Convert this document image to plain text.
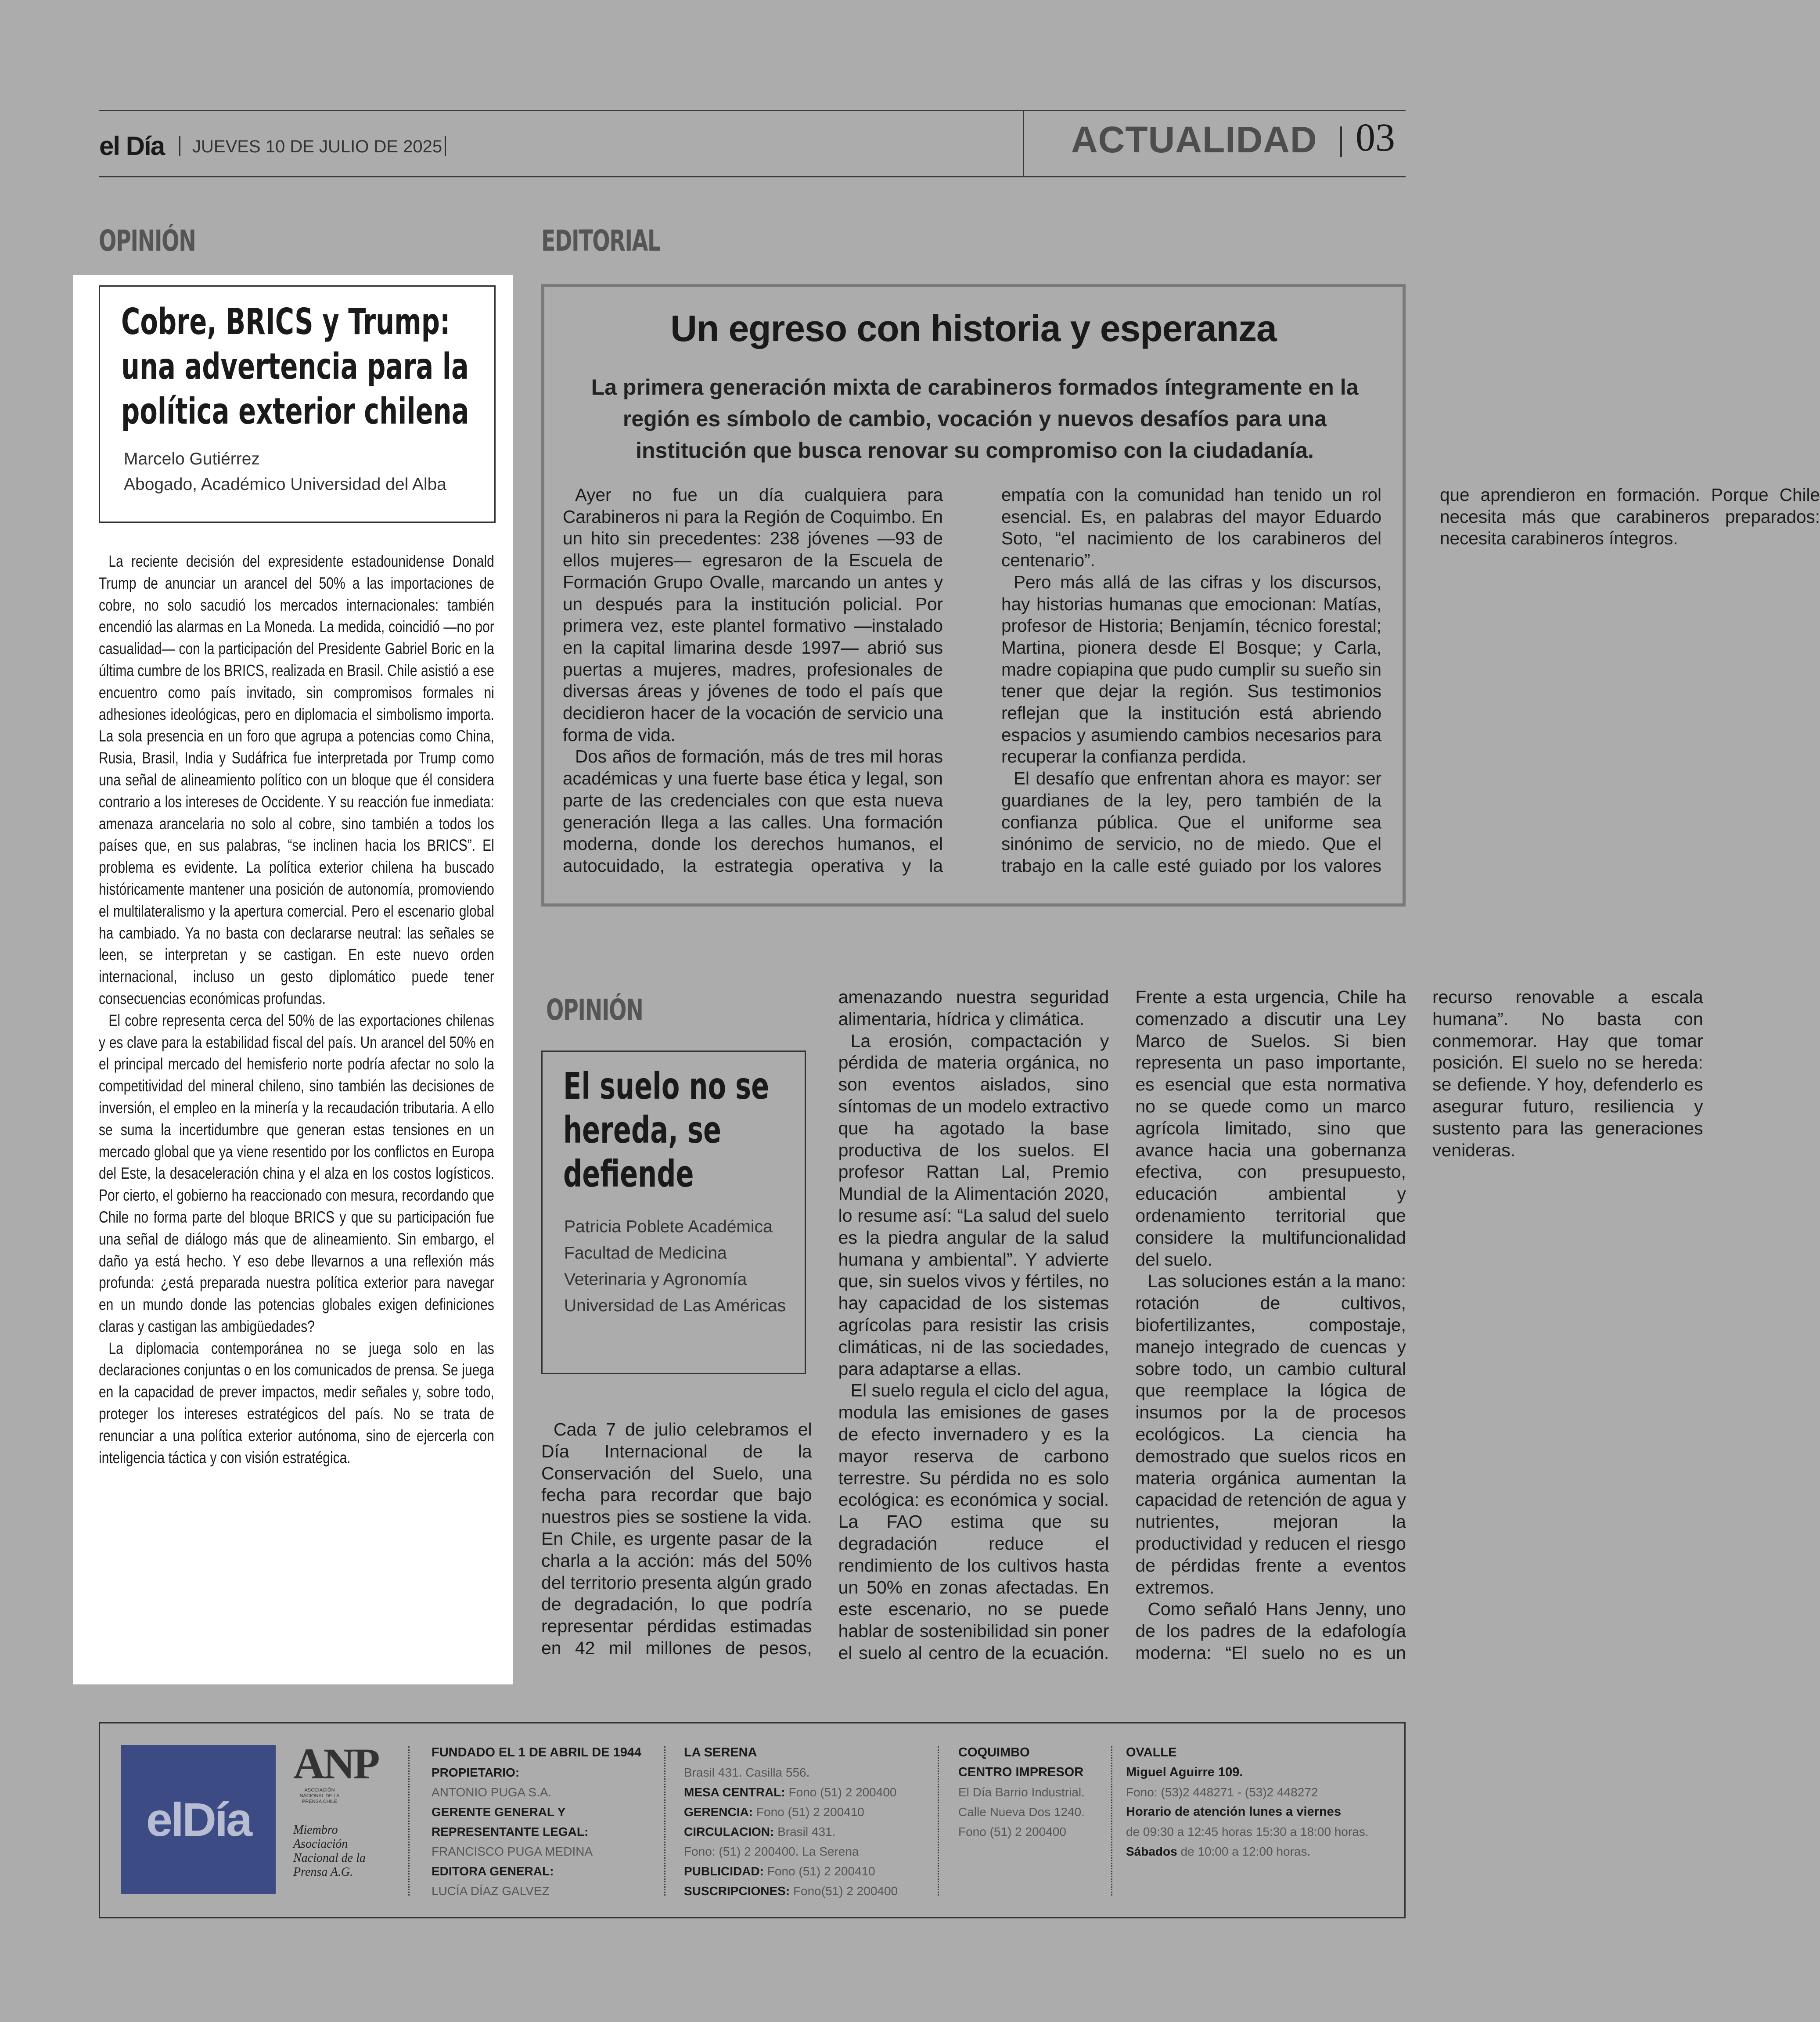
el Día JUEVES 10 DE JULIO DE 2025	ACTUALIDAD 03
OPINIÓN
Cobre, BRICS y Trump: una advertencia para la política exterior chilena
Marcelo Gutiérrez
Abogado, Académico Universidad del Alba

La reciente decisión del expresidente estadounidense Donald Trump de anunciar un arancel del 50% a las importaciones de cobre, no solo sacudió los mercados internacionales: también encendió las alarmas en La Moneda. La medida, coincidió —no por casualidad— con la participación del Presidente Gabriel Boric en la última cumbre de los BRICS, realizada en Brasil. Chile asistió a ese encuentro como país invitado, sin compromisos formales ni adhesiones ideológicas, pero en diplomacia el simbolismo importa. La sola presencia en un foro que agrupa a potencias como China, Rusia, Brasil, India y Sudáfrica fue interpretada por Trump como una señal de alineamiento político con un bloque que él considera contrario a los intereses de Occidente. Y su reacción fue inmediata: amenaza arancelaria no solo al cobre, sino también a todos los países que, en sus palabras, “se inclinen hacia los BRICS”. El problema es evidente. La política exterior chilena ha buscado históricamente mantener una posición de autonomía, promoviendo el multilateralismo y la apertura comercial. Pero el escenario global ha cambiado. Ya no basta con declararse neutral: las señales se leen, se interpretan y se castigan. En este nuevo orden internacional, incluso un gesto diplomático puede tener consecuencias económicas profundas.

El cobre representa cerca del 50% de las exportaciones chilenas y es clave para la estabilidad fiscal del país. Un arancel del 50% en el principal mercado del hemisferio norte podría afectar no solo la competitividad del mineral chileno, sino también las decisiones de inversión, el empleo en la minería y la recaudación tributaria. A ello se suma la incertidumbre que generan estas tensiones en un mercado global que ya viene resentido por los conflictos en Europa del Este, la desaceleración china y el alza en los costos logísticos. Por cierto, el gobierno ha reaccionado con mesura, recordando que Chile no forma parte del bloque BRICS y que su participación fue una señal de diálogo más que de alineamiento. Sin embargo, el daño ya está hecho. Y eso debe llevarnos a una reflexión más profunda: ¿está preparada nuestra política exterior para navegar en un mundo donde las potencias globales exigen definiciones claras y castigan las ambigüedades?

La diplomacia contemporánea no se juega solo en las declaraciones conjuntas o en los comunicados de prensa. Se juega en la capacidad de prever impactos, medir señales y, sobre todo, proteger los intereses estratégicos del país. No se trata de renunciar a una política exterior autónoma, sino de ejercerla con inteligencia táctica y con visión estratégica.

EDITORIAL
Un egreso con historia y esperanza
La primera generación mixta de carabineros formados íntegramente en la región es símbolo de cambio, vocación y nuevos desafíos para una institución que busca renovar su compromiso con la ciudadanía.

Ayer no fue un día cualquiera para Carabineros ni para la Región de Coquimbo. En un hito sin precedentes: 238 jóvenes —93 de ellos mujeres— egresaron de la Escuela de Formación Grupo Ovalle, marcando un antes y un después para la institución policial. Por primera vez, este plantel formativo —instalado en la capital limarina desde 1997— abrió sus puertas a mujeres, madres, profesionales de diversas áreas y jóvenes de todo el país que decidieron hacer de la vocación de servicio una forma de vida.

Dos años de formación, más de tres mil horas académicas y una fuerte base ética y legal, son parte de las credenciales con que esta nueva generación llega a las calles. Una formación moderna, donde los derechos humanos, el autocuidado, la estrategia operativa y la empatía con la comunidad han tenido un rol esencial. Es, en palabras del mayor Eduardo Soto, “el nacimiento de los carabineros del centenario”.

Pero más allá de las cifras y los discursos, hay historias humanas que emocionan: Matías, profesor de Historia; Benjamín, técnico forestal; Martina, pionera desde El Bosque; y Carla, madre copiapina que pudo cumplir su sueño sin tener que dejar la región. Sus testimonios reflejan que la institución está abriendo espacios y asumiendo cambios necesarios para recuperar la confianza perdida.

El desafío que enfrentan ahora es mayor: ser guardianes de la ley, pero también de la confianza pública. Que el uniforme sea sinónimo de servicio, no de miedo. Que el trabajo en la calle esté guiado por los valores que aprendieron en formación. Porque Chile necesita más que carabineros preparados: necesita carabineros íntegros.

OPINIÓN
El suelo no se hereda, se defiende
Patricia Poblete Académica Facultad de Medicina Veterinaria y Agronomía Universidad de Las Américas

Cada 7 de julio celebramos el Día Internacional de la Conservación del Suelo, una fecha para recordar que bajo nuestros pies se sostiene la vida. En Chile, es urgente pasar de la charla a la acción: más del 50% del territorio presenta algún grado de degradación, lo que podría representar pérdidas estimadas en 42 mil millones de pesos, amenazando nuestra seguridad alimentaria, hídrica y climática.

La erosión, compactación y pérdida de materia orgánica, no son eventos aislados, sino síntomas de un modelo extractivo que ha agotado la base productiva de los suelos. El profesor Rattan Lal, Premio Mundial de la Alimentación 2020, lo resume así: “La salud del suelo es la piedra angular de la salud humana y ambiental”. Y advierte que, sin suelos vivos y fértiles, no hay capacidad de los sistemas agrícolas para resistir las crisis climáticas, ni de las sociedades, para adaptarse a ellas.

El suelo regula el ciclo del agua, modula las emisiones de gases de efecto invernadero y es la mayor reserva de carbono terrestre. Su pérdida no es solo ecológica: es económica y social. La FAO estima que su degradación reduce el rendimiento de los cultivos hasta un 50% en zonas afectadas. En este escenario, no se puede hablar de sostenibilidad sin poner el suelo al centro de la ecuación. Frente a esta urgencia, Chile ha comenzado a discutir una Ley Marco de Suelos. Si bien representa un paso importante, es esencial que esta normativa no se quede como un marco agrícola limitado, sino que avance hacia una gobernanza efectiva, con presupuesto, educación ambiental y ordenamiento territorial que considere la multifuncionalidad del suelo.

Las soluciones están a la mano: rotación de cultivos, biofertilizantes, compostaje, manejo integrado de cuencas y sobre todo, un cambio cultural que reemplace la lógica de insumos por la de procesos ecológicos. La ciencia ha demostrado que suelos ricos en materia orgánica aumentan la capacidad de retención de agua y nutrientes, mejoran la productividad y reducen el riesgo de pérdidas frente a eventos extremos.

Como señaló Hans Jenny, uno de los padres de la edafología moderna: “El suelo no es un recurso renovable a escala humana”. No basta con conmemorar. Hay que tomar posición. El suelo no se hereda: se defiende. Y hoy, defenderlo es asegurar futuro, resiliencia y sustento para las generaciones venideras.

elDía
ANP
ASOCIACIÓN NACIONAL DE LA PRENSA CHILE
Miembro Asociación Nacional de la Prensa A.G.
FUNDADO EL 1 DE ABRIL DE 1944
PROPIETARIO:
ANTONIO PUGA S.A.
GERENTE GENERAL Y REPRESENTANTE LEGAL:
FRANCISCO PUGA MEDINA
EDITORA GENERAL:
LUCÍA DÍAZ GALVEZ
LA SERENA
Brasil 431. Casilla 556.
MESA CENTRAL: Fono (51) 2 200400
GERENCIA: Fono (51) 2 200410
CIRCULACION: Brasil 431.
Fono: (51) 2 200400. La Serena
PUBLICIDAD: Fono (51) 2 200410
SUSCRIPCIONES: Fono(51) 2 200400
COQUIMBO
CENTRO IMPRESOR
El Día Barrio Industrial.
Calle Nueva Dos 1240.
Fono (51) 2 200400
OVALLE
Miguel Aguirre 109.
Fono: (53)2 448271 - (53)2 448272
Horario de atención lunes a viernes
de 09:30 a 12:45 horas 15:30 a 18:00 horas.
Sábados de 10:00 a 12:00 horas.
